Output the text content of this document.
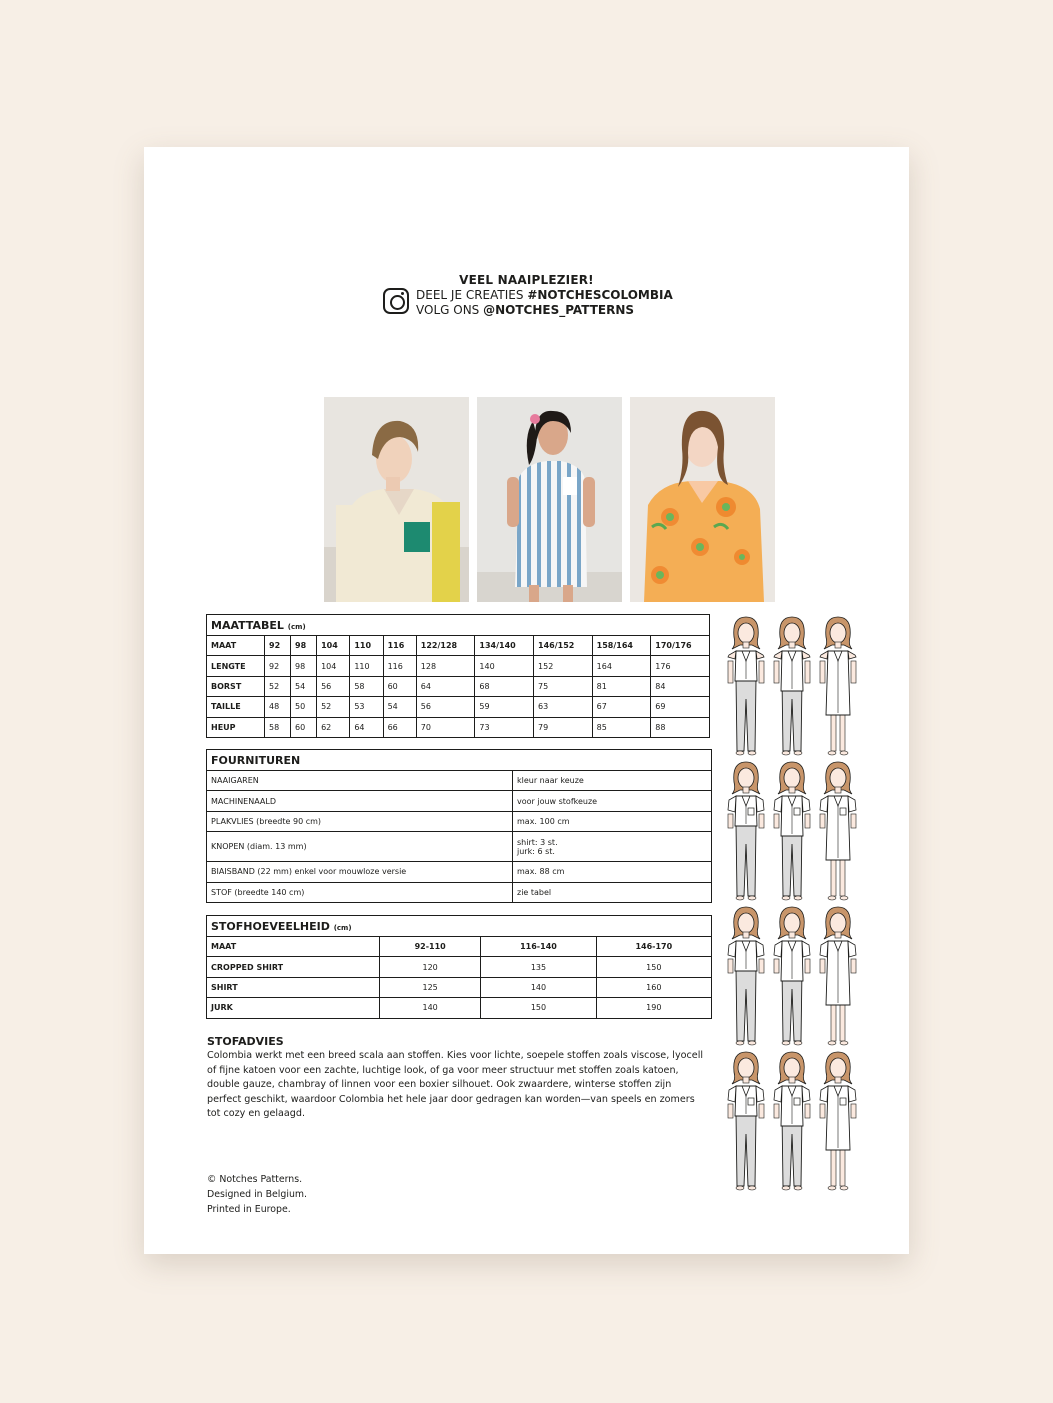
VEEL NAAIPLEZIER!
DEEL JE CREATIES #NOTCHESCOLOMBIA
VOLG ONS @NOTCHES_PATTERNS
MAATTABEL (cm)										
MAAT	92	98	104	110	116	122/128	134/140	146/152	158/164	170/176
LENGTE	92	98	104	110	116	128	140	152	164	176
BORST	52	54	56	58	60	64	68	75	81	84
TAILLE	48	50	52	53	54	56	59	63	67	69
HEUP	58	60	62	64	66	70	73	79	85	88
FOURNITUREN	
NAAIGAREN	kleur naar keuze
MACHINENAALD	voor jouw stofkeuze
PLAKVLIES (breedte 90 cm)	max. 100 cm
KNOPEN (diam. 13 mm)	shirt: 3 st.
jurk: 6 st.

BIAISBAND (22 mm) enkel voor mouwloze versie	max. 88 cm
STOF (breedte 140 cm)	zie tabel
STOFHOEVEELHEID (cm)			
MAAT	92-110	116-140	146-170
CROPPED SHIRT	120	135	150
SHIRT	125	140	160
JURK	140	150	190
STOFADVIES
Colombia werkt met een breed scala aan stoffen. Kies voor lichte, soepele stoffen zoals viscose, lyocell of fijne katoen voor een zachte, luchtige look, of ga voor meer structuur met stoffen zoals katoen, double gauze, chambray of linnen voor een boxier silhouet. Ook zwaardere, winterse stoffen zijn perfect geschikt, waardoor Colombia het hele jaar door gedragen kan worden—van speels en zomers tot cozy en gelaagd.
© Notches Patterns.
Designed in Belgium.
Printed in Europe.
